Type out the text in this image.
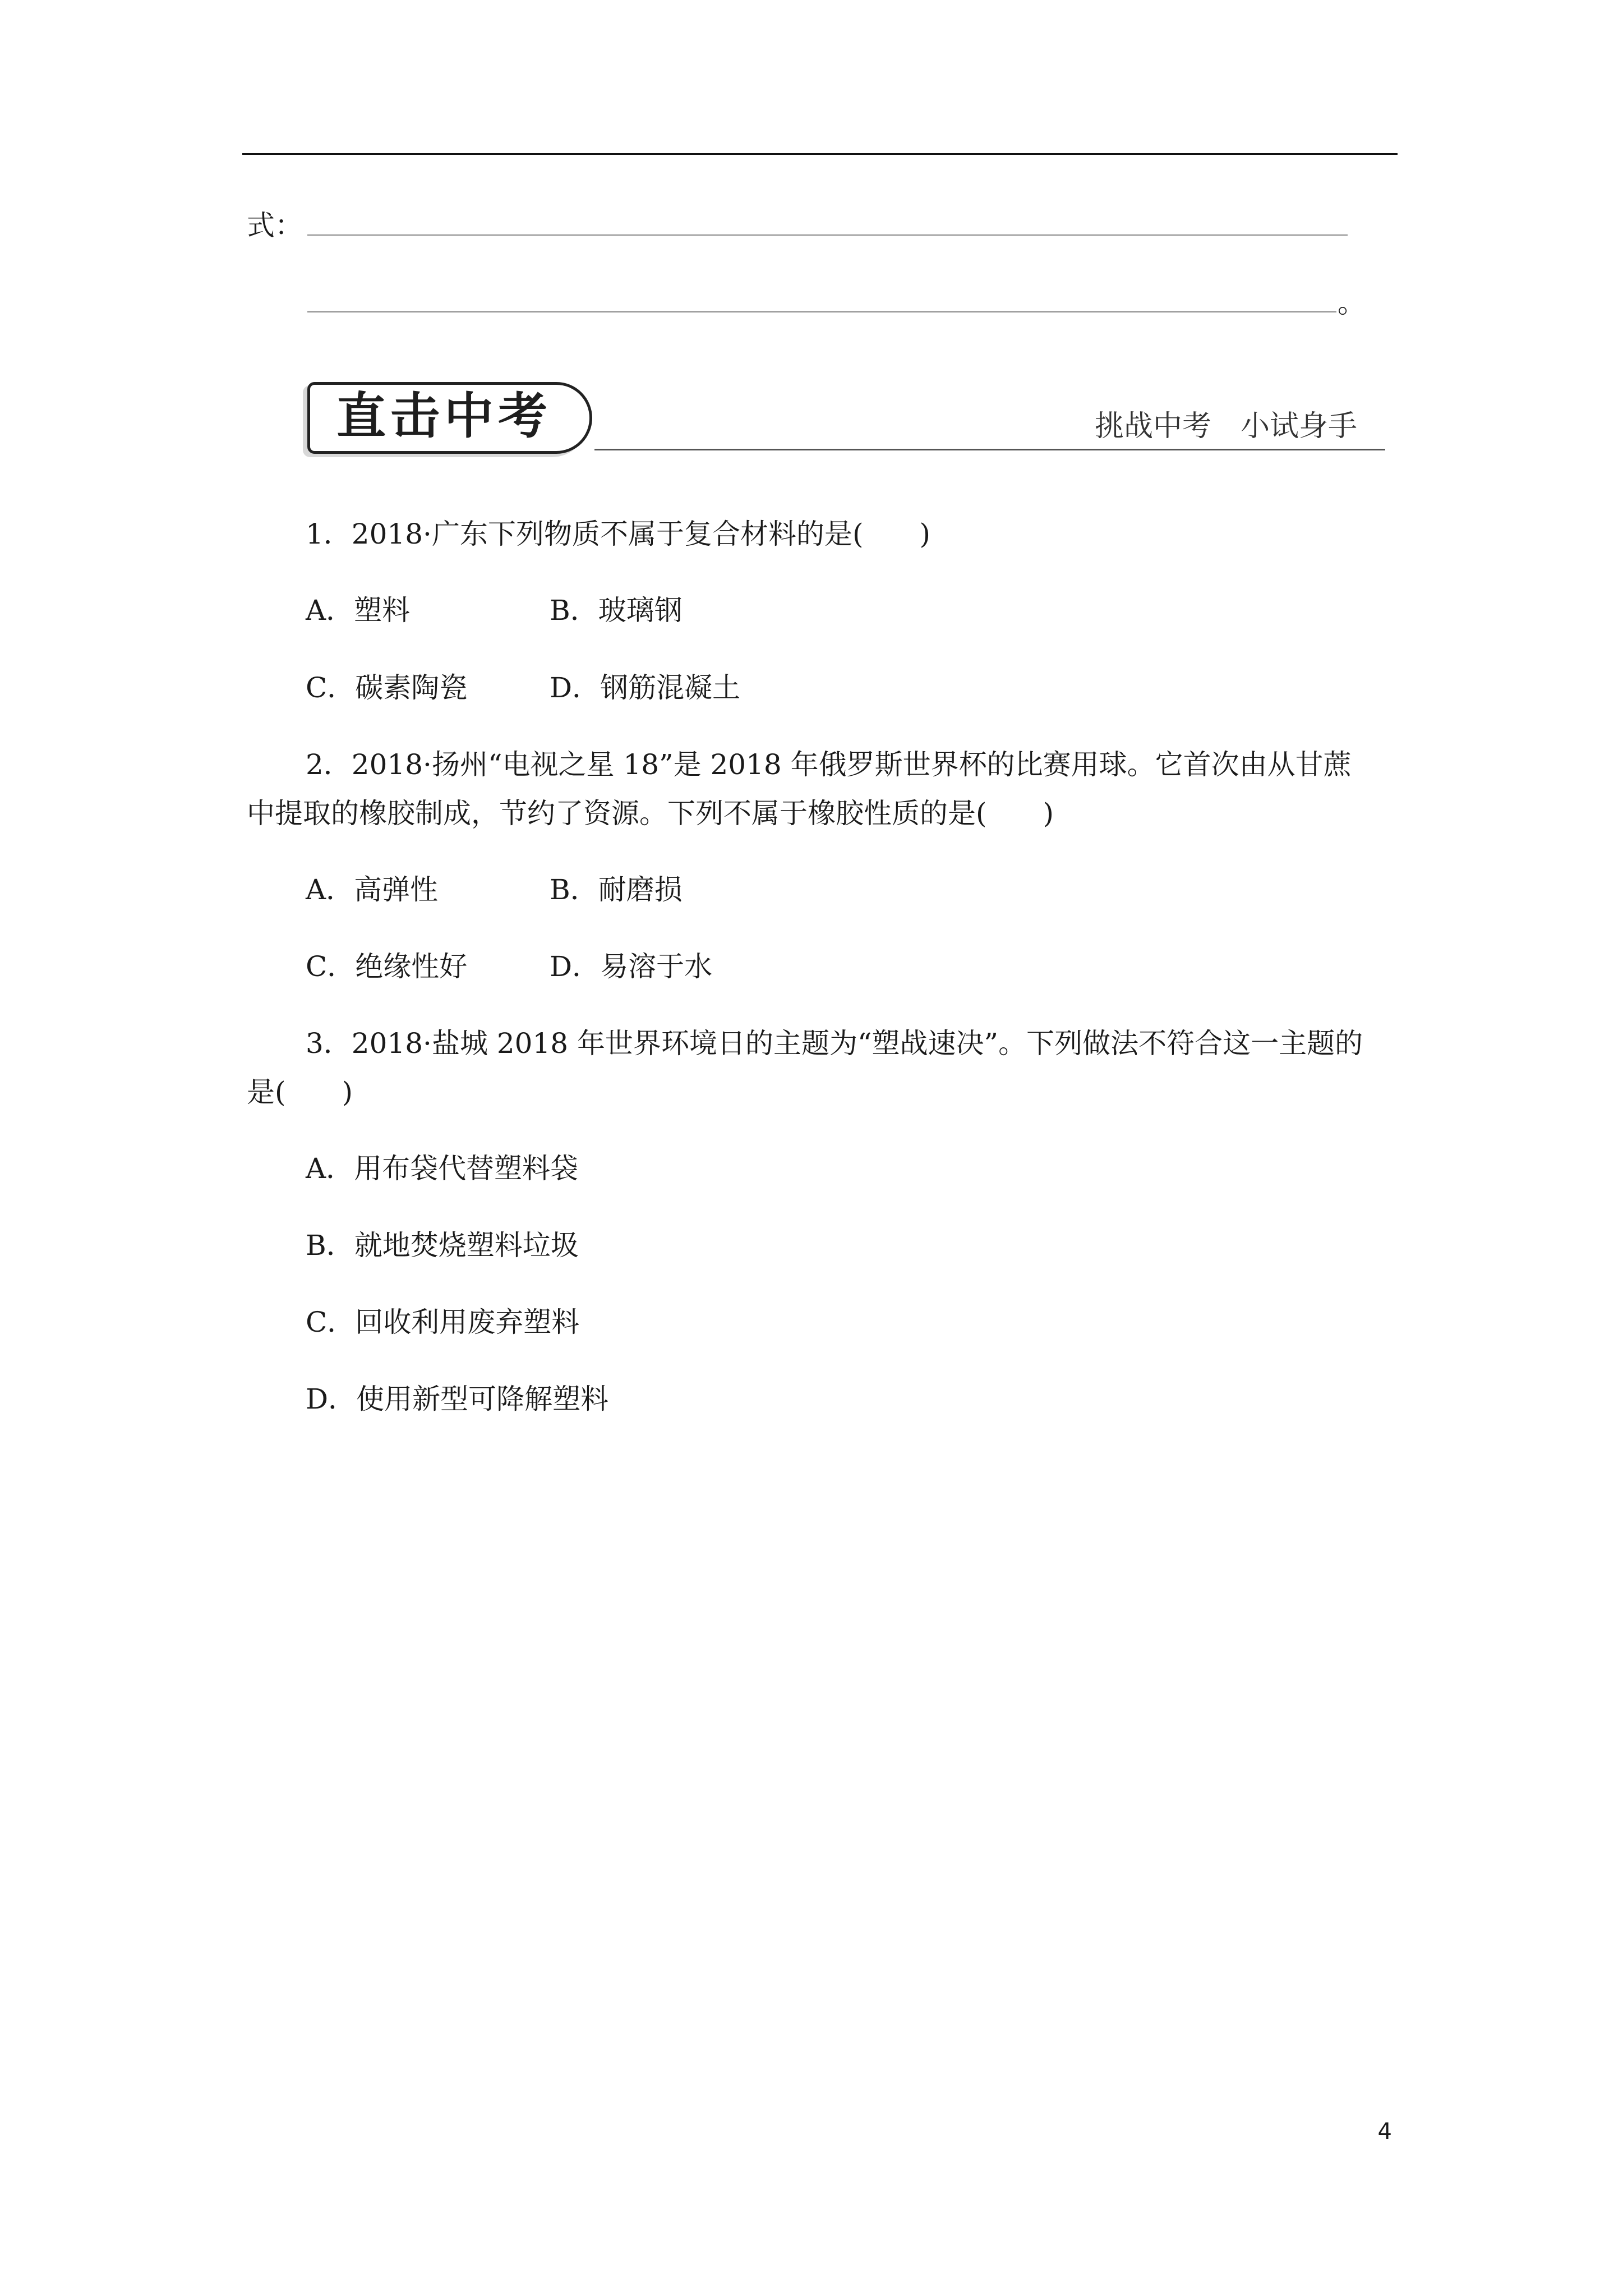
式：
。
直击中考	挑战中考　小试身手
1．2018·广东下列物质不属于复合材料的是(　　)
A．塑料	B．玻璃钢
C．碳素陶瓷	D．钢筋混凝土
2．2018·扬州“电视之星 18”是 2018 年俄罗斯世界杯的比赛用球。它首次由从甘蔗
中提取的橡胶制成，节约了资源。下列不属于橡胶性质的是(　　)
A．高弹性	B．耐磨损
C．绝缘性好	D．易溶于水
3．2018·盐城 2018 年世界环境日的主题为“塑战速决”。下列做法不符合这一主题的
是(　　)
A．用布袋代替塑料袋
B．就地焚烧塑料垃圾
C．回收利用废弃塑料
D．使用新型可降解塑料
4
